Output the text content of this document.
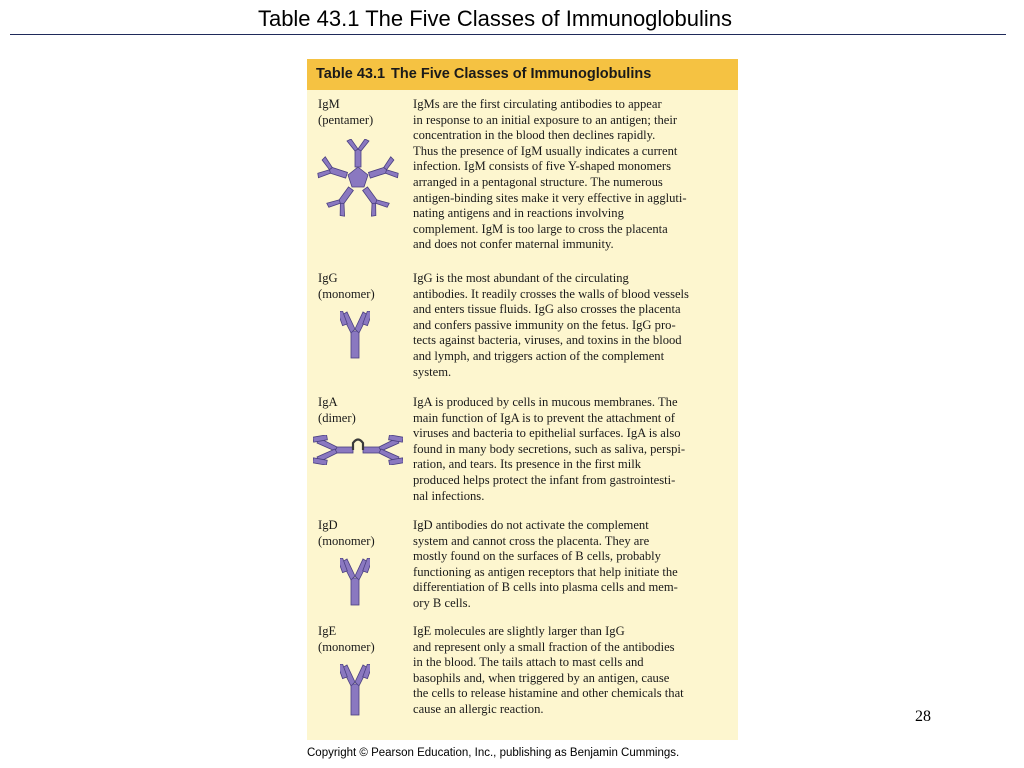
Table 43.1 The Five Classes of Immunoglobulins
Table 43.1 The Five Classes of Immunoglobulins
IgM
(pentamer)
IgMs are the first circulating antibodies to appear
in response to an initial exposure to an antigen; their
concentration in the blood then declines rapidly.
Thus the presence of IgM usually indicates a current
infection. IgM consists of five Y-shaped monomers
arranged in a pentagonal structure. The numerous
antigen-binding sites make it very effective in aggluti-
nating antigens and in reactions involving
complement. IgM is too large to cross the placenta
and does not confer maternal immunity.
IgG
(monomer)
IgG is the most abundant of the circulating
antibodies. It readily crosses the walls of blood vessels
and enters tissue fluids. IgG also crosses the placenta
and confers passive immunity on the fetus. IgG pro-
tects against bacteria, viruses, and toxins in the blood
and lymph, and triggers action of the complement
system.
IgA
(dimer)
IgA is produced by cells in mucous membranes. The
main function of IgA is to prevent the attachment of
viruses and bacteria to epithelial surfaces. IgA is also
found in many body secretions, such as saliva, perspi-
ration, and tears. Its presence in the first milk
produced helps protect the infant from gastrointesti-
nal infections.
IgD
(monomer)
IgD antibodies do not activate the complement
system and cannot cross the placenta. They are
mostly found on the surfaces of B cells, probably
functioning as antigen receptors that help initiate the
differentiation of B cells into plasma cells and mem-
ory B cells.
IgE
(monomer)
IgE molecules are slightly larger than IgG
and represent only a small fraction of the antibodies
in the blood. The tails attach to mast cells and
basophils and, when triggered by an antigen, cause
the cells to release histamine and other chemicals that
cause an allergic reaction.	28
Copyright © Pearson Education, Inc., publishing as Benjamin Cummings.
